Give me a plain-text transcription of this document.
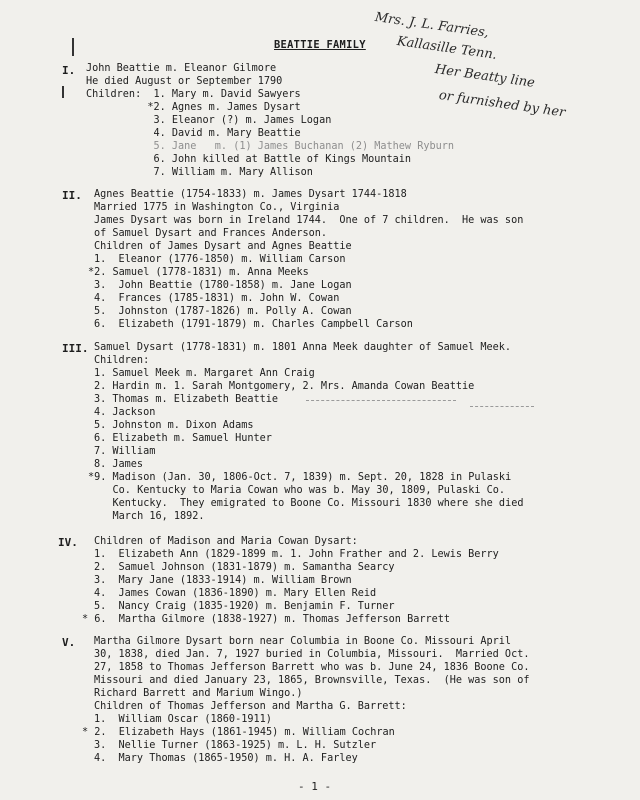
Mrs. J. L. Farries,
Kallasille Tenn.
Her Beatty line
or furnished by her
BEATTIE FAMILY
I. John Beattie m. Eleanor Gilmore
He died August or September 1790
Children:  1. Mary m. David Sawyers
*2. Agnes m. James Dysart
3. Eleanor (?) m. James Logan
4. David m. Mary Beattie
5. Jane   m. (1) James Buchanan (2) Mathew Ryburn
6. John killed at Battle of Kings Mountain
7. William m. Mary Allison
II. Agnes Beattie (1754-1833) m. James Dysart 1744-1818
Married 1775 in Washington Co., Virginia
James Dysart was born in Ireland 1744.  One of 7 children.  He was son
of Samuel Dysart and Frances Anderson.
Children of James Dysart and Agnes Beattie
1.  Eleanor (1776-1850) m. William Carson
*2. Samuel (1778-1831) m. Anna Meeks
3.  John Beattie (1780-1858) m. Jane Logan
4.  Frances (1785-1831) m. John W. Cowan
5.  Johnston (1787-1826) m. Polly A. Cowan
6.  Elizabeth (1791-1879) m. Charles Campbell Carson
III. Samuel Dysart (1778-1831) m. 1801 Anna Meek daughter of Samuel Meek.
Children:
1. Samuel Meek m. Margaret Ann Craig
2. Hardin m. 1. Sarah Montgomery, 2. Mrs. Amanda Cowan Beattie
3. Thomas m. Elizabeth Beattie
4. Jackson
5. Johnston m. Dixon Adams
6. Elizabeth m. Samuel Hunter
7. William
8. James
*9. Madison (Jan. 30, 1806-Oct. 7, 1839) m. Sept. 20, 1828 in Pulaski
Co. Kentucky to Maria Cowan who was b. May 30, 1809, Pulaski Co.
Kentucky.  They emigrated to Boone Co. Missouri 1830 where she died
March 16, 1892.
IV. Children of Madison and Maria Cowan Dysart:
1.  Elizabeth Ann (1829-1899 m. 1. John Frather and 2. Lewis Berry
2.  Samuel Johnson (1831-1879) m. Samantha Searcy
3.  Mary Jane (1833-1914) m. William Brown
4.  James Cowan (1836-1890) m. Mary Ellen Reid
5.  Nancy Craig (1835-1920) m. Benjamin F. Turner
* 6.  Martha Gilmore (1838-1927) m. Thomas Jefferson Barrett
V. Martha Gilmore Dysart born near Columbia in Boone Co. Missouri April
30, 1838, died Jan. 7, 1927 buried in Columbia, Missouri.  Married Oct.
27, 1858 to Thomas Jefferson Barrett who was b. June 24, 1836 Boone Co.
Missouri and died January 23, 1865, Brownsville, Texas.  (He was son of
Richard Barrett and Marium Wingo.)
Children of Thomas Jefferson and Martha G. Barrett:
1.  William Oscar (1860-1911)
* 2.  Elizabeth Hays (1861-1945) m. William Cochran
3.  Nellie Turner (1863-1925) m. L. H. Sutzler
4.  Mary Thomas (1865-1950) m. H. A. Farley
- 1 -
